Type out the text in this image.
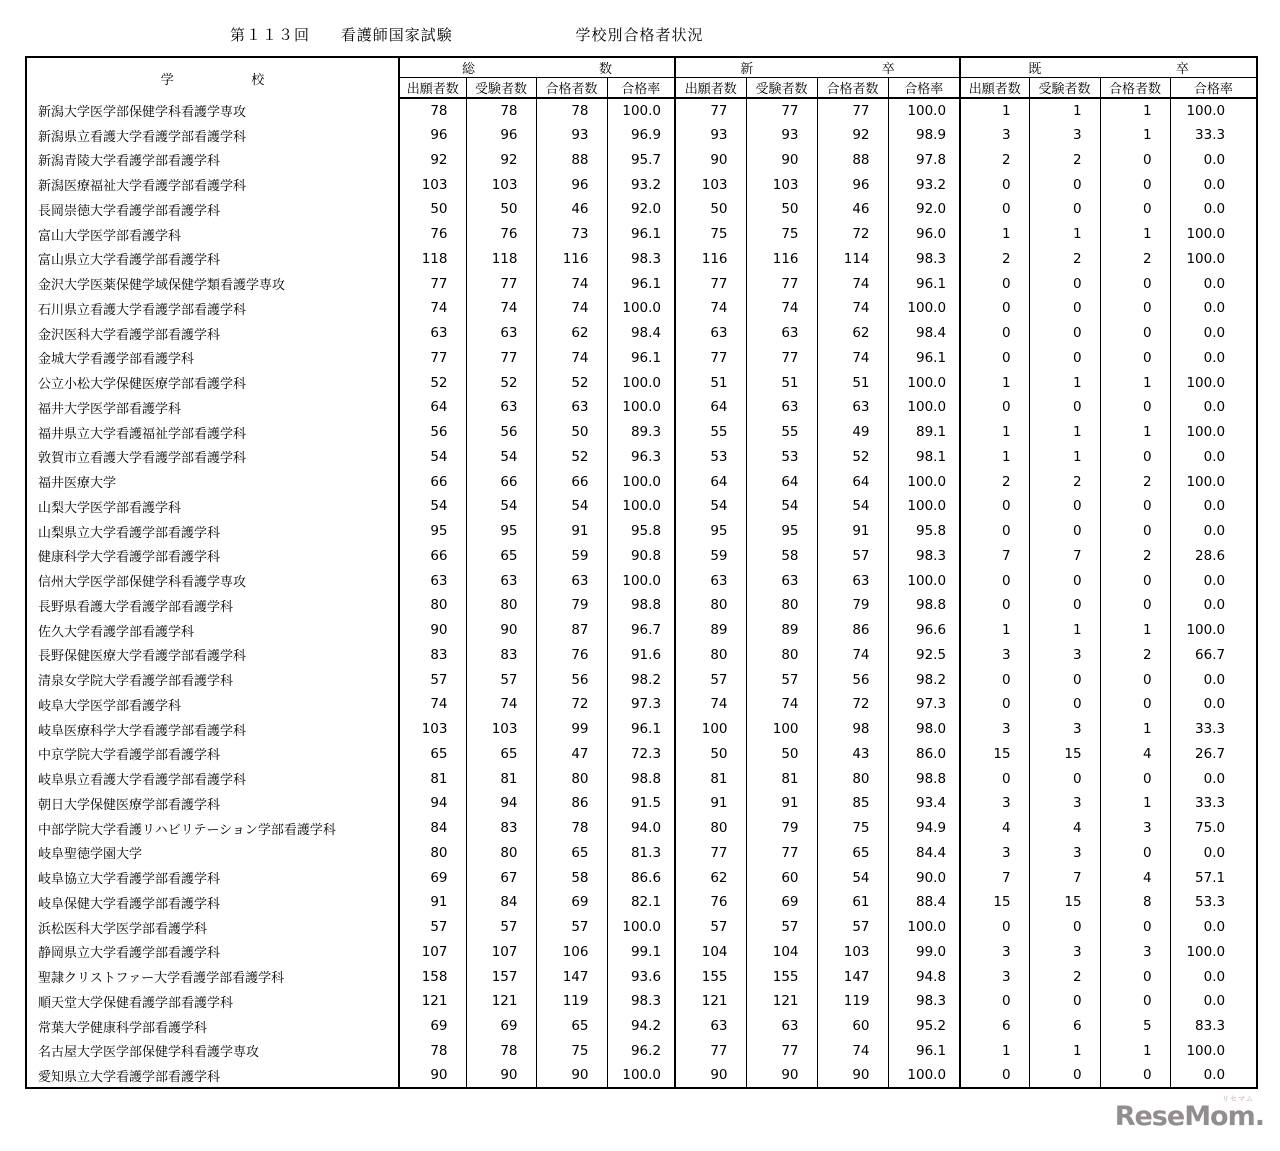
第１１３回 看護師国家試験	学校別合格者状況
学 校	総 数				新 卒				既 卒			

	出願者数	受験者数	合格者数	合格率	出願者数	受験者数	合格者数	合格率	出願者数	受験者数	合格者数	合格率
新潟大学医学部保健学科看護学専攻	78	78	78	100.0	77	77	77	100.0	1	1	1	100.0
新潟県立看護大学看護学部看護学科	96	96	93	96.9	93	93	92	98.9	3	3	1	33.3
新潟青陵大学看護学部看護学科	92	92	88	95.7	90	90	88	97.8	2	2	0	0.0
新潟医療福祉大学看護学部看護学科	103	103	96	93.2	103	103	96	93.2	0	0	0	0.0
長岡崇徳大学看護学部看護学科	50	50	46	92.0	50	50	46	92.0	0	0	0	0.0
富山大学医学部看護学科	76	76	73	96.1	75	75	72	96.0	1	1	1	100.0
富山県立大学看護学部看護学科	118	118	116	98.3	116	116	114	98.3	2	2	2	100.0
金沢大学医薬保健学域保健学類看護学専攻	77	77	74	96.1	77	77	74	96.1	0	0	0	0.0
石川県立看護大学看護学部看護学科	74	74	74	100.0	74	74	74	100.0	0	0	0	0.0
金沢医科大学看護学部看護学科	63	63	62	98.4	63	63	62	98.4	0	0	0	0.0
金城大学看護学部看護学科	77	77	74	96.1	77	77	74	96.1	0	0	0	0.0
公立小松大学保健医療学部看護学科	52	52	52	100.0	51	51	51	100.0	1	1	1	100.0
福井大学医学部看護学科	64	63	63	100.0	64	63	63	100.0	0	0	0	0.0
福井県立大学看護福祉学部看護学科	56	56	50	89.3	55	55	49	89.1	1	1	1	100.0
敦賀市立看護大学看護学部看護学科	54	54	52	96.3	53	53	52	98.1	1	1	0	0.0
福井医療大学	66	66	66	100.0	64	64	64	100.0	2	2	2	100.0
山梨大学医学部看護学科	54	54	54	100.0	54	54	54	100.0	0	0	0	0.0
山梨県立大学看護学部看護学科	95	95	91	95.8	95	95	91	95.8	0	0	0	0.0
健康科学大学看護学部看護学科	66	65	59	90.8	59	58	57	98.3	7	7	2	28.6
信州大学医学部保健学科看護学専攻	63	63	63	100.0	63	63	63	100.0	0	0	0	0.0
長野県看護大学看護学部看護学科	80	80	79	98.8	80	80	79	98.8	0	0	0	0.0
佐久大学看護学部看護学科	90	90	87	96.7	89	89	86	96.6	1	1	1	100.0
長野保健医療大学看護学部看護学科	83	83	76	91.6	80	80	74	92.5	3	3	2	66.7
清泉女学院大学看護学部看護学科	57	57	56	98.2	57	57	56	98.2	0	0	0	0.0
岐阜大学医学部看護学科	74	74	72	97.3	74	74	72	97.3	0	0	0	0.0
岐阜医療科学大学看護学部看護学科	103	103	99	96.1	100	100	98	98.0	3	3	1	33.3
中京学院大学看護学部看護学科	65	65	47	72.3	50	50	43	86.0	15	15	4	26.7
岐阜県立看護大学看護学部看護学科	81	81	80	98.8	81	81	80	98.8	0	0	0	0.0
朝日大学保健医療学部看護学科	94	94	86	91.5	91	91	85	93.4	3	3	1	33.3
中部学院大学看護リハビリテーション学部看護学科	84	83	78	94.0	80	79	75	94.9	4	4	3	75.0
岐阜聖徳学園大学	80	80	65	81.3	77	77	65	84.4	3	3	0	0.0
岐阜協立大学看護学部看護学科	69	67	58	86.6	62	60	54	90.0	7	7	4	57.1
岐阜保健大学看護学部看護学科	91	84	69	82.1	76	69	61	88.4	15	15	8	53.3
浜松医科大学医学部看護学科	57	57	57	100.0	57	57	57	100.0	0	0	0	0.0
静岡県立大学看護学部看護学科	107	107	106	99.1	104	104	103	99.0	3	3	3	100.0
聖隷クリストファー大学看護学部看護学科	158	157	147	93.6	155	155	147	94.8	3	2	0	0.0
順天堂大学保健看護学部看護学科	121	121	119	98.3	121	121	119	98.3	0	0	0	0.0
常葉大学健康科学部看護学科	69	69	65	94.2	63	63	60	95.2	6	6	5	83.3
名古屋大学医学部保健学科看護学専攻	78	78	75	96.2	77	77	74	96.1	1	1	1	100.0
愛知県立大学看護学部看護学科	90	90	90	100.0	90	90	90	100.0	0	0	0	0.0
リセマム
ReseMom.
